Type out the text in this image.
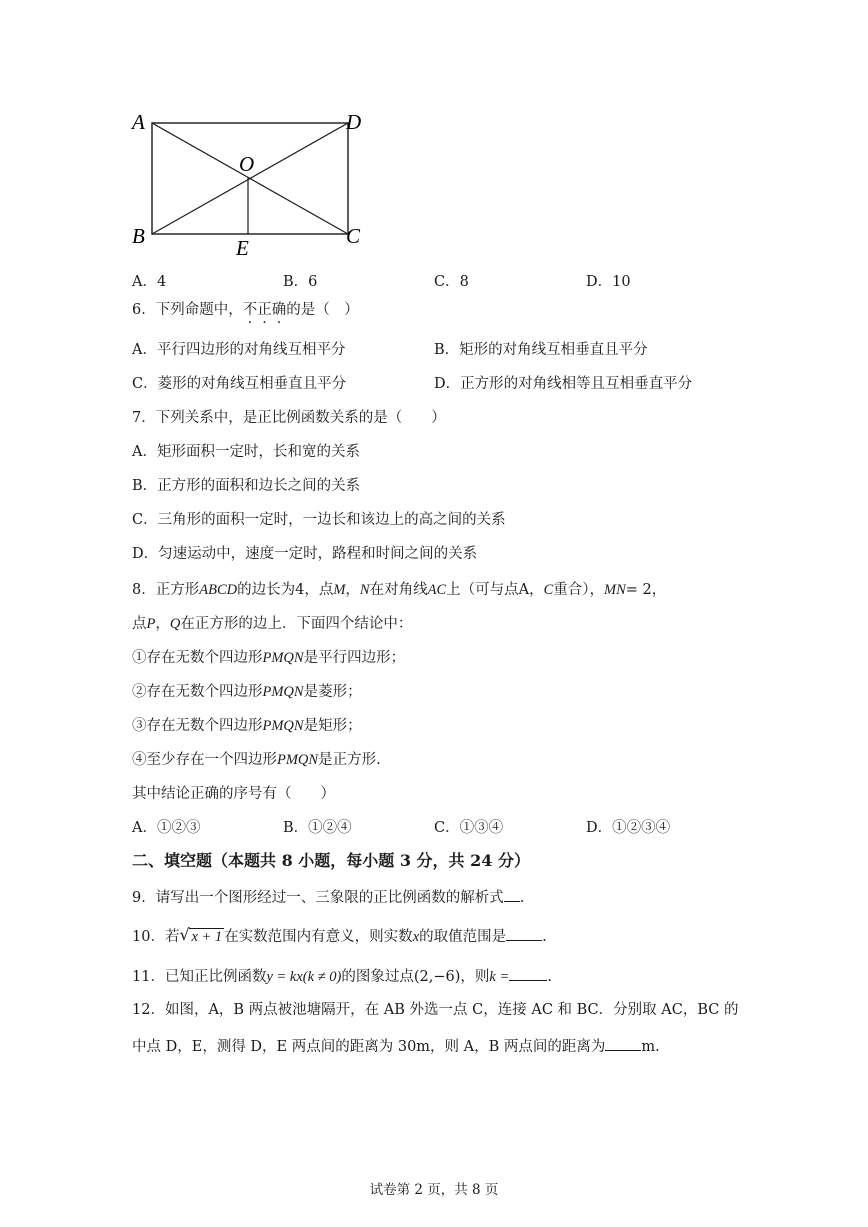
A	D
O
B	C
E
A．4	B．6	C．8	D．10
6．下列命题中，不正确的是（　）
A．平行四边形的对角线互相平分	B．矩形的对角线互相垂直且平分
C．菱形的对角线互相垂直且平分	D．正方形的对角线相等且互相垂直平分
7．下列关系中，是正比例函数关系的是（　　）
A．矩形面积一定时，长和宽的关系
B．正方形的面积和边长之间的关系
C．三角形的面积一定时，一边长和该边上的高之间的关系
D．匀速运动中，速度一定时，路程和时间之间的关系
8．正方形ABCD的边长为4，点M，N在对角线AC上（可与点A，C重合），MN= 2，
点P，Q在正方形的边上．下面四个结论中：
①存在无数个四边形PMQN是平行四边形；
②存在无数个四边形PMQN是菱形；
③存在无数个四边形PMQN是矩形；
④至少存在一个四边形PMQN是正方形.
其中结论正确的序号有（　　）
A．①②③	B．①②④	C．①③④	D．①②③④
二、填空题（本题共 8 小题，每小题 3 分，共 24 分）
9．请写出一个图形经过一、三象限的正比例函数的解析式 .
10．若 √ x + 1 在实数范围内有意义，则实数x的取值范围是 .
11．已知正比例函数y = kx(k ≠ 0)的图象过点(2,−6)，则k =	.
12．如图，A，B 两点被池塘隔开，在 AB 外选一点 C，连接 AC 和 BC．分别取 AC，BC 的
中点 D，E，测得 D，E 两点间的距离为 30m，则 A，B 两点间的距离为 m.
试卷第 2 页，共 8 页
